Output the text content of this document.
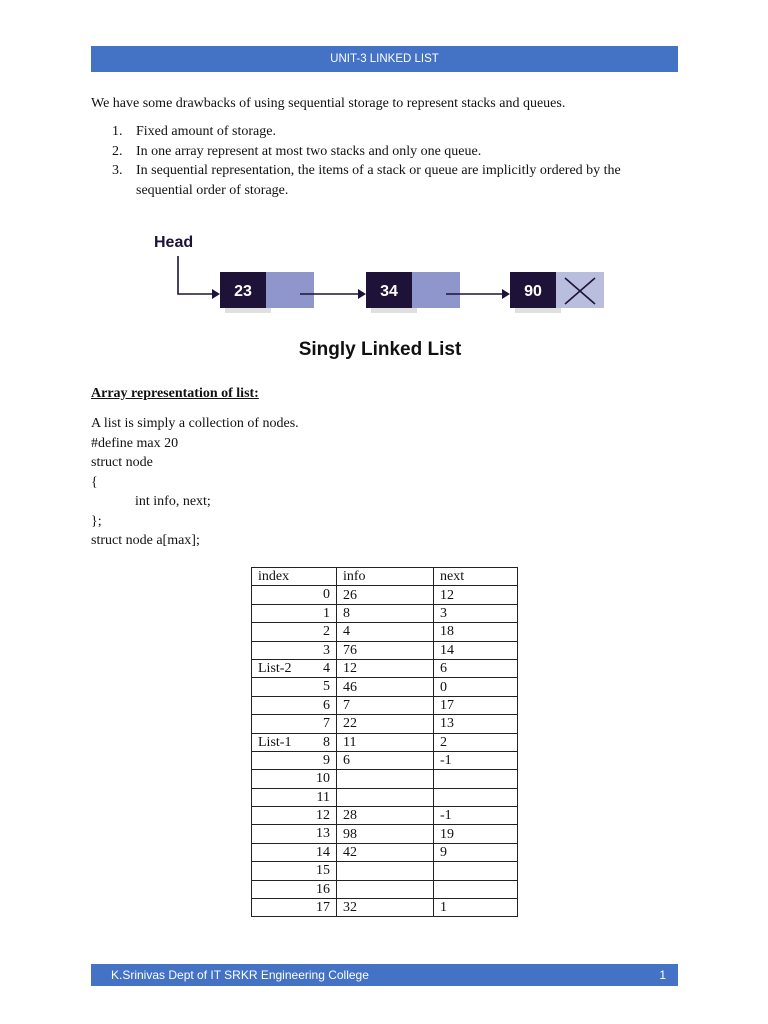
UNIT-3 LINKED LIST
We have some drawbacks of using sequential storage to represent stacks and queues.
1. Fixed amount of storage.
2. In one array represent at most two stacks and only one queue.
3. In sequential representation, the items of a stack or queue are implicitly ordered by the sequential order of storage.
Head
23	34	90
Singly Linked List
Array representation of list:
A list is simply a collection of nodes.
#define max 20
struct node
{
int info, next;
};
struct node a[max];
index	info	next

0	26	12

1	8	3

2	4	18

3	76	14

List-2 4	12	6

5	46	0

6	7	17

7	22	13

List-1 8	11	2

9	6	-1

10		

11		

12	28	-1

13	98	19

14	42	9

15		

16		

17	32	1
K.Srinivas Dept of IT SRKR Engineering College	1
